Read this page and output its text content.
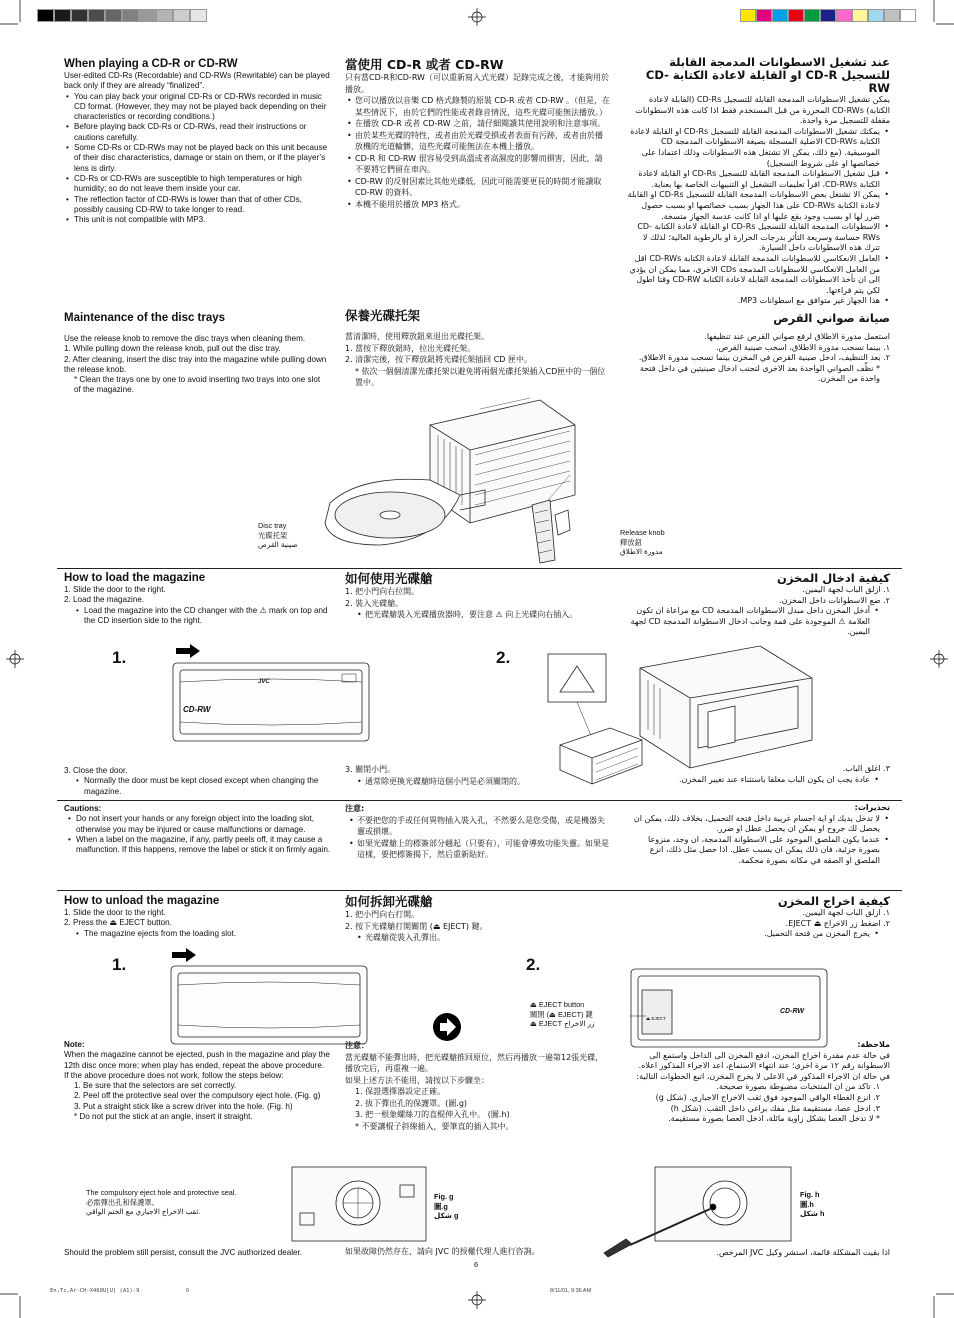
When playing a CD-R or CD-RW

User-edited CD-Rs (Recordable) and CD-RWs (Rewritable) can be played back only if they are already “finalized”.

• You can play back your original CD-Rs or CD-RWs recorded in music CD format. (However, they may not be played back depending on their characteristics or recording conditions.)
• Before playing back CD-Rs or CD-RWs, read their instructions or cautions carefully.
• Some CD-Rs or CD-RWs may not be played back on this unit because of their disc characteristics, damage or stain on them, or if the player’s lens is dirty.
• CD-Rs or CD-RWs are susceptible to high temperatures or high humidity; so do not leave them inside your car.
• The reflection factor of CD-RWs is lower than that of other CDs, possibly causing CD-RW to take longer to read.
• This unit is not compatible with MP3.
當使用 CD-R 或者 CD-RW

只有當CD-R和CD-RW（可以重新寫入式光碟）記錄完成之後，才能夠用於播放。

• 您可以播放以音樂 CD 格式錄製的原裝 CD-R 或者 CD-RW 。（但是，在某些情況下，由於它們的性能或者錄音情況，這些光碟可能無法播放。）
• 在播放 CD-R 或者 CD-RW 之前，請仔細閱讀其使用說明和注意事項。
• 由於某些光碟的特性，或者由於光碟受損或者表面有污跡，或者由於播放機的光道輪髒，這些光碟可能無法在本機上播放。
• CD-R 和 CD-RW 很容易受到高溫或者高濕度的影響而損害，因此，請不要將它們留在車內。
• CD-RW 的反射因素比其他光碟低，因此可能需要更長的時間才能讀取 CD-RW 的資料。
• 本機不能用於播放 MP3 格式。
عند تشغيل الاسطوانات المدمجة القابلة للتسجيل CD-R او القابلة لاعادة الكتابة CD-RW

يمكن تشغيل الاسطوانات المدمجة القابلة للتسجيل CD-Rs (القابلة لاعادة الكتابة) CD-RWs المحررة من قبل المستخدم فقط اذا كانت هذه الاسطوانات مقفلة للتسجيل مرة واحدة.

• يمكنك تشغيل الاسطوانات المدمجة القابلة للتسجيل CD-Rs او القابلة لاعادة الكتابة CD-RWs الاصلية المسجلة بصيغة الاسطوانات المدمجة CD الموسيقية. (مع ذلك، يمكن الا تشتغل هذه الاسطوانات وذلك اعتمادا على خصائصها او على شروط التسجيل)
• قبل تشغيل الاسطوانات المدمجة القابلة للتسجيل CD-Rs او القابلة لاعادة الكتابة CD-RWs، اقرأ تعليمات التشغيل او التنبيهات الخاصة بها بعناية.
• يمكن الا تشتغل بعض الاسطوانات المدمجة القابلة للتسجيل CD-Rs او القابلة لاعادة الكتابة CD-RWs على هذا الجهاز بسبب خصائصها او بسبب حصول ضرر لها او بسبب وجود بقع عليها او اذا كانت عدسة الجهاز متسخة.
• الاسطوانات المدمجة القابلة للتسجيل CD-Rs او القابلة لاعادة الكتابة CD-RWs حساسة وسريعة التأثر بدرجات الحرارة او بالرطوبة العالية؛ لذلك لا تترك هذه الاسطوانات داخل السيارة.
• العامل الانعكاسي للاسطوانات المدمجة القابلة لاعادة الكتابة CD-RWs اقل من العامل الانعكاسي للاسطوانات المدمجة CDs الاخرى، مما يمكن ان يؤدي الى ان تأخذ الاسطوانات المدمجة القابلة لاعادة الكتابة CD-RW وقتا اطول لكي يتم قراءتها.
• هذا الجهاز غير متوافق مع اسطوانات MP3.
Maintenance of the disc trays

Use the release knob to remove the disc trays when cleaning them.

1. While pulling down the release knob, pull out the disc tray.
2. After cleaning, insert the disc tray into the magazine while pulling down the release knob.

* Clean the trays one by one to avoid inserting two trays into one slot of the magazine.

保養光碟托架

當清潔時，使用釋放鈕來退出光碟托架。

1. 當按下釋放鈕時，拉出光碟托架。
2. 清潔完後，按下釋放鈕將光碟托架插回 CD 匣中。

* 依次一個個清潔光碟托架以避免將兩個光碟托架插入CD匣中的一個位置中。

صيانة صواني القرص

استعمل مدورة الاطلاق لرفع صواني القرص عند تنظيفها.

١. بينما تسحب مدورة الاطلاق، اسحب صينية القرص.
٢. بعد التنظيف، ادخل صينية القرص في المخزن بينما تسحب مدورة الاطلاق.

* نظّف الصواني الواحدة بعد الاخرى لتجنب ادخال صينيتين في داخل فتحة واحدة من المخزن.

Disc tray
光碟托架
صينية القرص
Release knob
釋放鈕
مدورة الاطلاق
How to load the magazine
1. Slide the door to the right.
2. Load the magazine.
• Load the magazine into the CD changer with the ⚠ mark on top and the CD insertion side to the right.
如何使用光碟艙
1. 把小門向右拉開。
2. 裝入光碟艙。
• 把光碟艙裝入光碟播放器時，要注意 ⚠ 向上光碟向右插入。
كيفية ادخال المخزن
١. ازلق الباب لجهة اليمين.
٢. ضع الاسطوانات داخل المخزن.
• أدخل المخزن داخل مبدل الاسطوانات المدمجة CD مع مراعاة ان تكون العلامة ⚠ الموجودة على قمة وجانب ادخال الاسطوانة المدمجة CD لجهة اليمين.
1.
JVC
CD-RW
2.

3. Close the door.

• Normally the door must be kept closed except when changing the magazine.

3. 關閉小門。

• 通常除更換光碟艙時這個小門是必須關閉的。

٣. اغلق الباب.

• عادة يجب ان يكون الباب مغلقا باستثناء عند تغيير المخزن.
Cautions:
• Do not insert your hands or any foreign object into the loading slot, otherwise you may be injured or cause malfunctions or damage.
• When a label on the magazine, if any, partly peels off, it may cause a malfunction. If this happens, remove the label or stick it on firmly again.
注意:
• 不要把您的手或任何異物插入裝入孔，不然要么是您受傷，或是機器失靈或損壞。
• 如果光碟艙上的標簽部分翹起（只要有），可能會導致功能失靈。如果是這樣，要把標簽揭下，然后重新貼好。
تحذيرات:
• لا تدخل يديك او اية اجسام غريبة داخل فتحة التحميل، بخلاف ذلك، يمكن ان يحصل لك جروح او يمكن ان يحصل عطل او ضرر.
• عندما يكون الملصق الموجود على الاسطوانة المدمجة، ان وجد، منزوعا بصورة جزئية، فان ذلك يمكن ان يسبب عطل. اذا حصل مثل ذلك، انزع الملصق او الصقه في مكانه بصورة محكمة.
How to unload the magazine
1. Slide the door to the right.
2. Press the ⏏ EJECT button.
• The magazine ejects from the loading slot.
如何拆卸光碟艙
1. 把小門向右打開。
2. 按下光碟艙打開關閉 (⏏ EJECT) 鍵。
• 光碟艙從裝入孔彈出。
كيفية اخراج المخزن
١. ازلق الباب لجهة اليمين.
٢. اضغط زر الاخراج ⏏ EJECT.
• يخرج المخزن من فتحة التحميل.
1.	2.
⏏ EJECT button
關閉 (⏏ EJECT) 鍵
⏏ EJECT زر الاخراج
CD-RW
⏏ EJECT
Note:

When the magazine cannot be ejected, push in the magazine and play the 12th disc once more; when play has ended, repeat the above procedure.

If the above procedure does not work, follow the steps below:

1. Be sure that the selectors are set correctly.
2. Peel off the protective seal over the compulsory eject hole. (Fig. g)
3. Put a straight stick like a screw driver into the hole. (Fig. h)

* Do not put the stick at an angle, insert it straight.

注意：

當光碟艙不能彈出時，把光碟艙推回原位，然后再播放一遍第12張光碟，播放完后，再重複一遍。

如果上述方法不能用，請按以下步驟坐：

1. 保證選擇器設定正確。
2. 拔下彈出孔的保護罩。(圖.g)
3. 把一根象螺絲刀的直棍伸入孔中。 (圖.h)

* 不要讓棍子斜線插入，要筆直的插入其中。

ملاحظة:

في حالة عدم مقدرة اخراج المخزن، ادفع المخزن الى الداخل واستمع الى الاسطوانة رقم ١٢ مرة اخرى؛ عند انتهاء الاستماع، اعد الاجراء المذكور اعلاه.

في حالة ان الاجراء المذكور في الاعلى لا يخرج المخزن، اتبع الخطوات التالية:

١. تاكد من ان المنتخبات مضبوطة بصورة صحيحة.
٢. انزع الغطاء الواقي الموجود فوق ثقب الاخراج الاجباري. (شكل g)
٣. ادخل عصا، مستقيمة مثل مفك براغي داخل الثقب. (شكل h)

* لا تدخل العصا بشكل زاوية مائلة، ادخل العصا بصورة مستقيمة.

The compulsory eject hole and protective seal.
必需彈出孔和保護罩。
ثقب الاخراج الاجباري مع الختم الواقي.
Fig. g
圖.g
شكل g
Fig. h
圖.h
شكل h
Should the problem still persist, consult the JVC authorized dealer.	如果故障仍然存在，請向 JVC 的授權代理人進行咨詢。	اذا بقيت المشكلة قائمة، استشر وكيل JVC المرخص.
6
En,Tc,Ar-CH-X460U[U] (A1)-9	6	8/11/01, 9:36 AM
